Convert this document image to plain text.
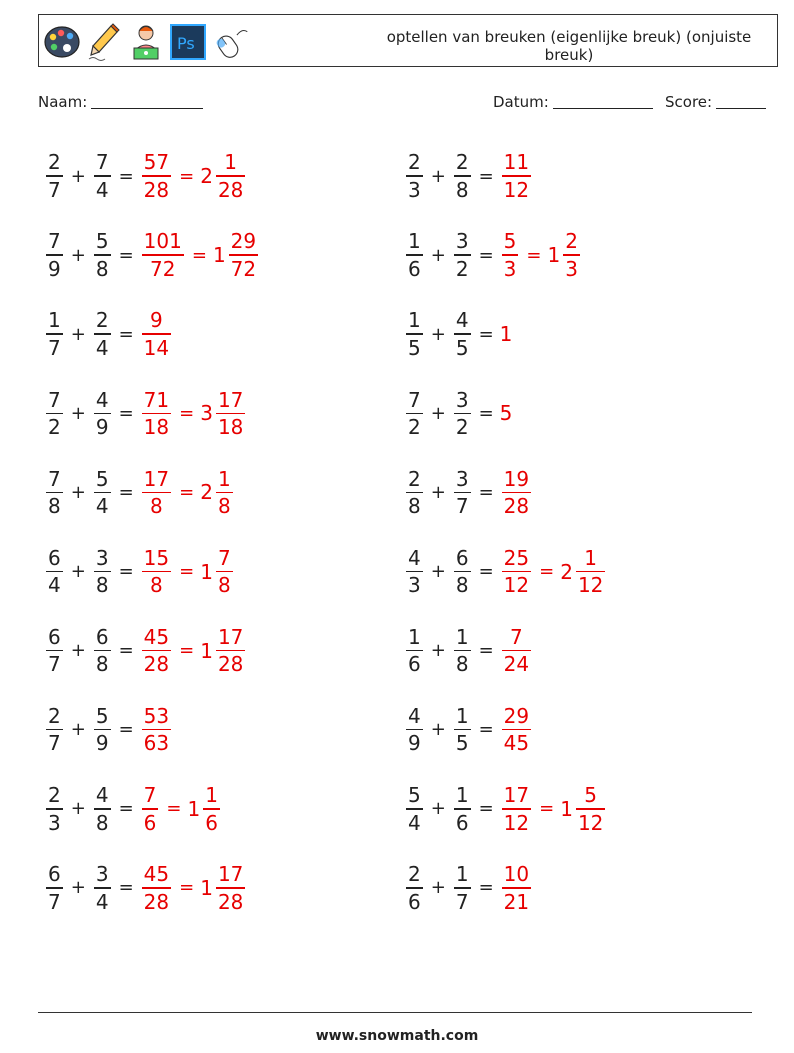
Ps	optellen van breuken (eigenlijke breuk) (onjuiste breuk)
Naam:	Datum:	Score:
$\frac{2}{7} + \frac{7}{4} = \frac{57}{28} = 2 \frac{1}{28}$	$\frac{2}{3} + \frac{2}{8} = \frac{11}{12}$
$\frac{7}{9} + \frac{5}{8} = \frac{101}{72} = 1 \frac{29}{72}$	$\frac{1}{6} + \frac{3}{2} = \frac{5}{3} = 1 \frac{2}{3}$
$\frac{1}{7} + \frac{2}{4} = \frac{9}{14}$	$\frac{1}{5} + \frac{4}{5} = 1$
$\frac{7}{2} + \frac{4}{9} = \frac{71}{18} = 3 \frac{17}{18}$	$\frac{7}{2} + \frac{3}{2} = 5$
$\frac{7}{8} + \frac{5}{4} = \frac{17}{8} = 2 \frac{1}{8}$	$\frac{2}{8} + \frac{3}{7} = \frac{19}{28}$
$\frac{6}{4} + \frac{3}{8} = \frac{15}{8} = 1 \frac{7}{8}$	$\frac{4}{3} + \frac{6}{8} = \frac{25}{12} = 2 \frac{1}{12}$
$\frac{6}{7} + \frac{6}{8} = \frac{45}{28} = 1 \frac{17}{28}$	$\frac{1}{6} + \frac{1}{8} = \frac{7}{24}$
$\frac{2}{7} + \frac{5}{9} = \frac{53}{63}$	$\frac{4}{9} + \frac{1}{5} = \frac{29}{45}$
$\frac{2}{3} + \frac{4}{8} = \frac{7}{6} = 1 \frac{1}{6}$	$\frac{5}{4} + \frac{1}{6} = \frac{17}{12} = 1 \frac{5}{12}$
$\frac{6}{7} + \frac{3}{4} = \frac{45}{28} = 1 \frac{17}{28}$	$\frac{2}{6} + \frac{1}{7} = \frac{10}{21}$
www.snowmath.com
